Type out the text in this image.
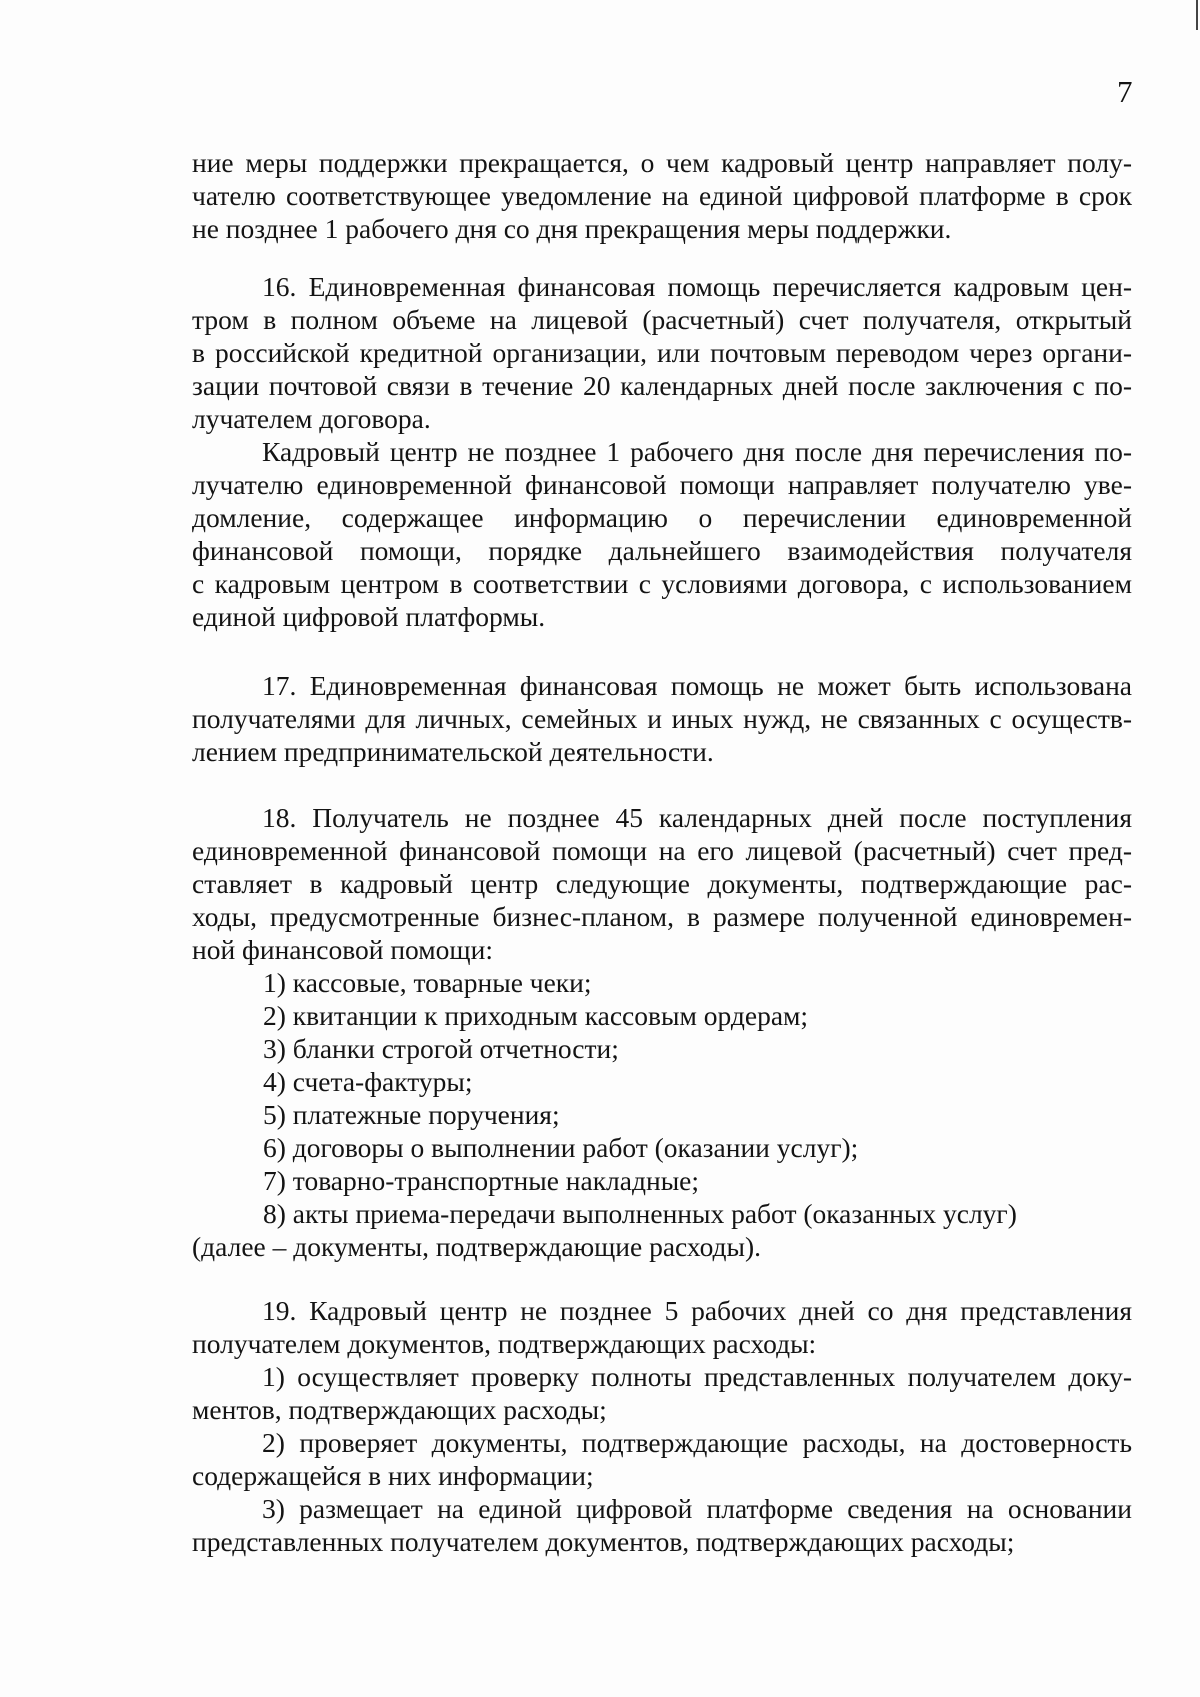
7

ние меры поддержки прекращается, о чем кадровый центр направляет полу-

чателю соответствующее уведомление на единой цифровой платформе в срок

не позднее 1 рабочего дня со дня прекращения меры поддержки.

16. Единовременная финансовая помощь перечисляется кадровым цен-

тром в полном объеме на лицевой (расчетный) счет получателя, открытый

в российской кредитной организации, или почтовым переводом через органи-

зации почтовой связи в течение 20 календарных дней после заключения с по-

лучателем договора.

Кадровый центр не позднее 1 рабочего дня после дня перечисления по-

лучателю единовременной финансовой помощи направляет получателю уве-

домление, содержащее информацию о перечислении единовременной

финансовой помощи, порядке дальнейшего взаимодействия получателя

с кадровым центром в соответствии с условиями договора, с использованием

единой цифровой платформы.

17. Единовременная финансовая помощь не может быть использована

получателями для личных, семейных и иных нужд, не связанных с осуществ-

лением предпринимательской деятельности.

18. Получатель не позднее 45 календарных дней после поступления

единовременной финансовой помощи на его лицевой (расчетный) счет пред-

ставляет в кадровый центр следующие документы, подтверждающие рас-

ходы, предусмотренные бизнес-планом, в размере полученной единовремен-

ной финансовой помощи:

1) кассовые, товарные чеки;

2) квитанции к приходным кассовым ордерам;

3) бланки строгой отчетности;

4) счета-фактуры;

5) платежные поручения;

6) договоры о выполнении работ (оказании услуг);

7) товарно-транспортные накладные;

8) акты приема-передачи выполненных работ (оказанных услуг)

(далее – документы, подтверждающие расходы).

19. Кадровый центр не позднее 5 рабочих дней со дня представления

получателем документов, подтверждающих расходы:

1) осуществляет проверку полноты представленных получателем доку-

ментов, подтверждающих расходы;

2) проверяет документы, подтверждающие расходы, на достоверность

содержащейся в них информации;

3) размещает на единой цифровой платформе сведения на основании

представленных получателем документов, подтверждающих расходы;
